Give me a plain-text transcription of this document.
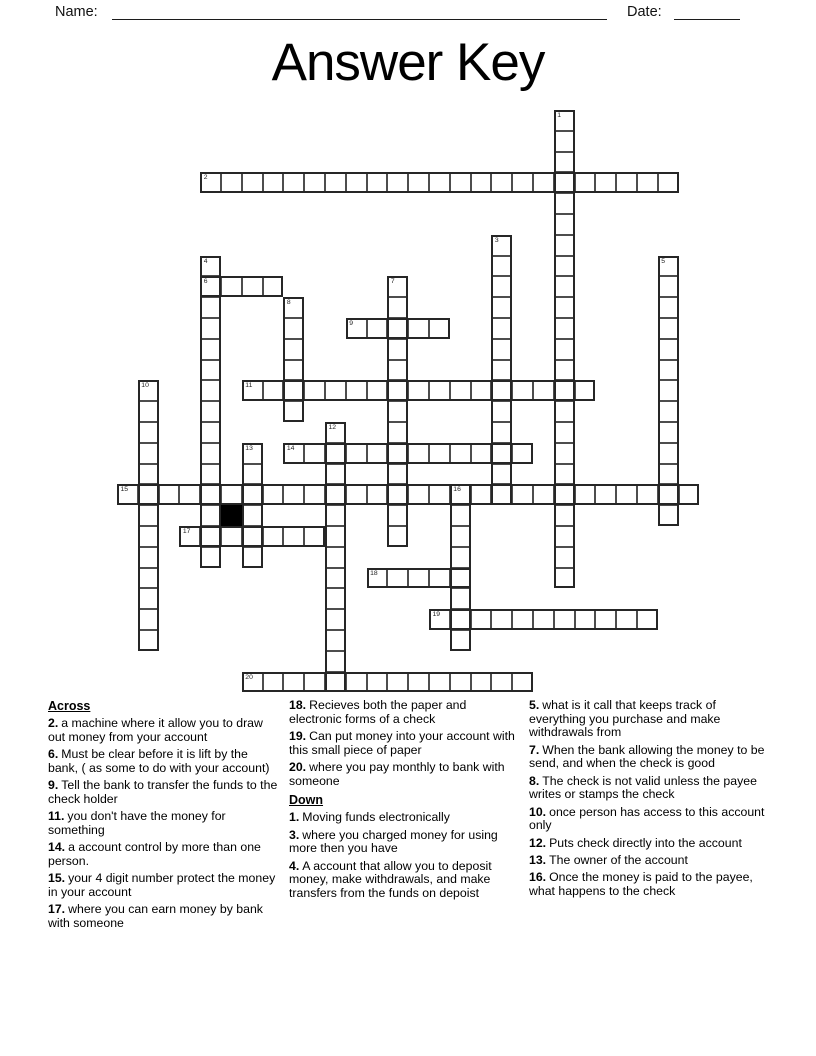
Name:	Date:
Answer Key
2
6
9
11
14
15	16
17
18
19
20
1
3
4	5
7
8
10
12
13
Across
2. a machine where it allow you to draw out money from your account
6. Must be clear before it is lift by the bank, ( as some to do with your account)
9. Tell the bank to transfer the funds to the check holder
11. you don't have the money for something
14. a account control by more than one person.
15. your 4 digit number protect the money in your account
17. where you can earn money by bank with someone
18. Recieves both the paper and electronic forms of a check
19. Can put money into your account with this small piece of paper
20. where you pay monthly to bank with someone
Down
1. Moving funds electronically
3. where you charged money for using more then you have
4. A account that allow you to deposit money, make withdrawals, and make transfers from the funds on depoist
5. what is it call that keeps track of everything you purchase and make withdrawals from
7. When the bank allowing the money to be send, and when the check is good
8. The check is not valid unless the payee writes or stamps the check
10. once person has access to this account only
12. Puts check directly into the account
13. The owner of the account
16. Once the money is paid to the payee, what happens to the check
